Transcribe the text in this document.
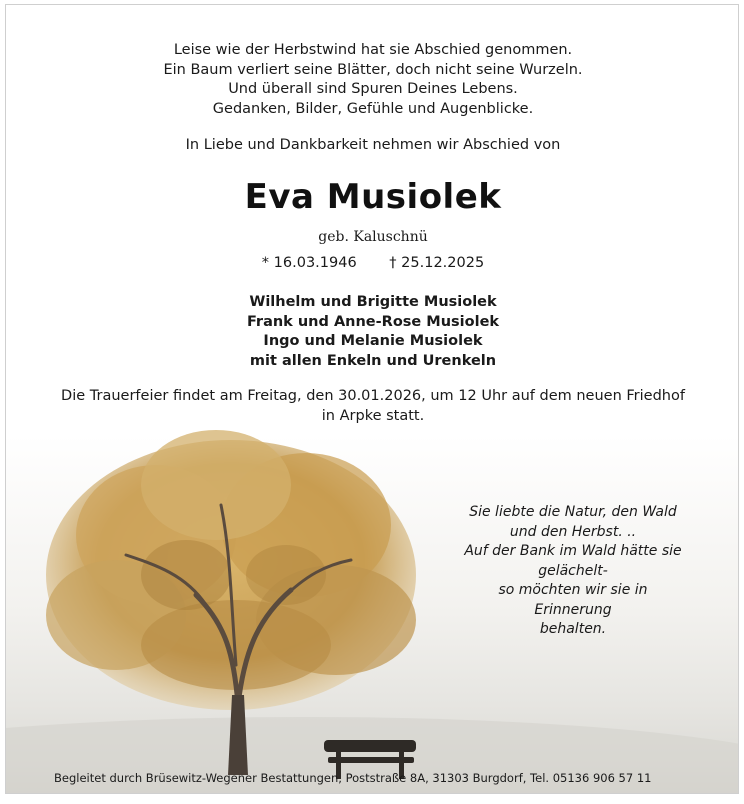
Leise wie der Herbstwind hat sie Abschied genommen.
Ein Baum verliert seine Blätter, doch nicht seine Wurzeln.
Und überall sind Spuren Deines Lebens.
Gedanken, Bilder, Gefühle und Augenblicke.
In Liebe und Dankbarkeit nehmen wir Abschied von
Eva Musiolek
geb. Kaluschnü
* 16.03.1946 † 25.12.2025
Wilhelm und Brigitte Musiolek
Frank und Anne-Rose Musiolek
Ingo und Melanie Musiolek
mit allen Enkeln und Urenkeln
Die Trauerfeier findet am Freitag, den 30.01.2026, um 12 Uhr auf dem neuen Friedhof
in Arpke statt.
Sie liebte die Natur, den Wald
und den Herbst. ..
Auf der Bank im Wald hätte sie
gelächelt-
so möchten wir sie in Erinnerung
behalten.
Begleitet durch Brüsewitz-Wegener Bestattungen, Poststraße 8A, 31303 Burgdorf, Tel. 05136 906 57 11
